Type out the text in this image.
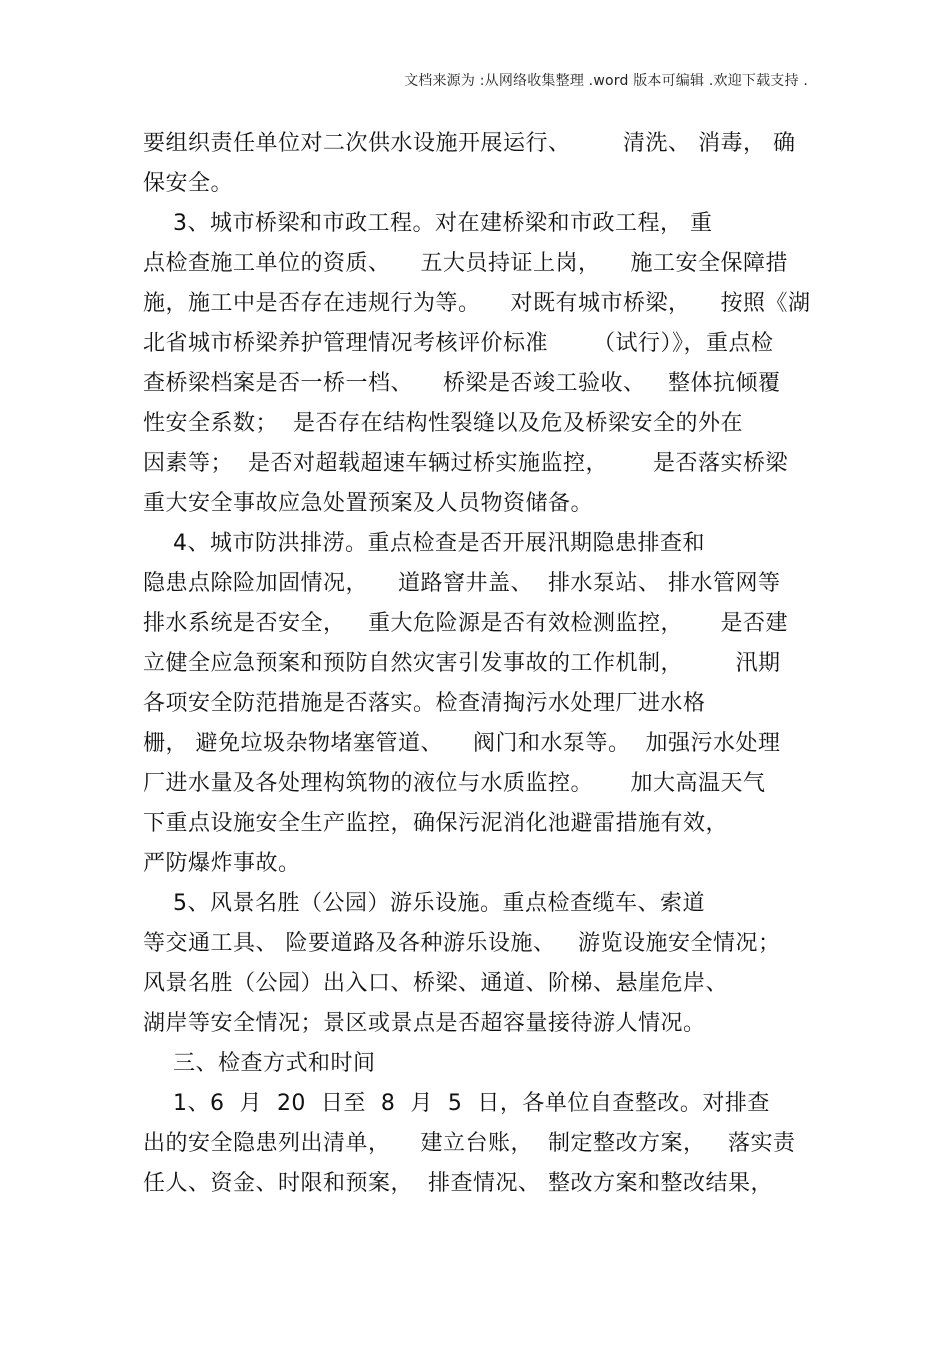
文档来源为 :从网络收集整理 .word 版本可编辑 .欢迎下载支持 .
要组织责任单位对二次供水设施开展运行、       清洗、 消毒， 确
保安全。
3、城市桥梁和市政工程。对在建桥梁和市政工程， 重
点检查施工单位的资质、    五大员持证上岗，    施工安全保障措
施，施工中是否存在违规行为等。    对既有城市桥梁，    按照《湖
北省城市桥梁养护管理情况考核评价标准      （试行）》，重点检
查桥梁档案是否一桥一档、    桥梁是否竣工验收、   整体抗倾覆
性安全系数；  是否存在结构性裂缝以及危及桥梁安全的外在
因素等；  是否对超载超速车辆过桥实施监控，      是否落实桥梁
重大安全事故应急处置预案及人员物资储备。
4、城市防洪排涝。重点检查是否开展汛期隐患排查和
隐患点除险加固情况，    道路窨井盖、  排水泵站、 排水管网等
排水系统是否安全，   重大危险源是否有效检测监控，     是否建
立健全应急预案和预防自然灾害引发事故的工作机制，       汛期
各项安全防范措施是否落实。检查清掏污水处理厂进水格
栅， 避免垃圾杂物堵塞管道、    阀门和水泵等。  加强污水处理
厂进水量及各处理构筑物的液位与水质监控。     加大高温天气
下重点设施安全生产监控，确保污泥消化池避雷措施有效，
严防爆炸事故。
5、风景名胜（公园）游乐设施。重点检查缆车、索道
等交通工具、 险要道路及各种游乐设施、   游览设施安全情况；
风景名胜（公园）出入口、桥梁、通道、阶梯、悬崖危岸、
湖岸等安全情况；景区或景点是否超容量接待游人情况。
三、检查方式和时间
1、6  月  20  日至  8  月  5  日，各单位自查整改。对排查
出的安全隐患列出清单，    建立台账，  制定整改方案，   落实责
任人、资金、时限和预案，  排查情况、 整改方案和整改结果，
